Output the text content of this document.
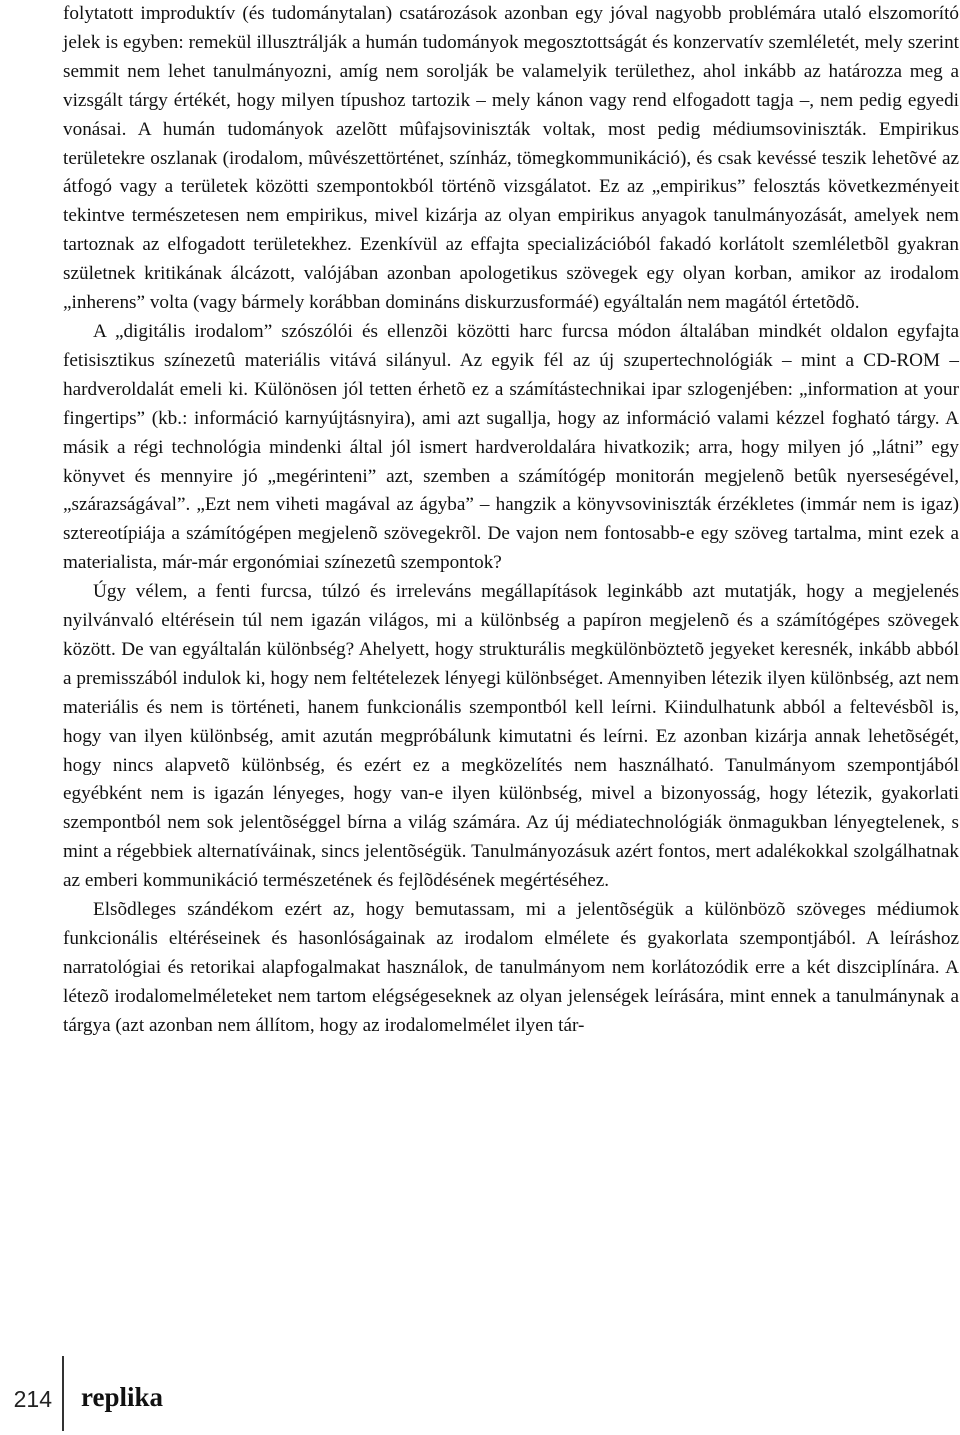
folytatott improduktív (és tudománytalan) csatározások azonban egy jóval nagyobb problémára utaló elszomorító jelek is egyben: remekül illusztrálják a humán tudományok megosztottságát és konzervatív szemléletét, mely szerint semmit nem lehet tanulmányozni, amíg nem sorolják be valamelyik területhez, ahol inkább az határozza meg a vizsgált tárgy értékét, hogy milyen típushoz tartozik – mely kánon vagy rend elfogadott tagja –, nem pedig egyedi vonásai. A humán tudományok azelõtt mûfajsoviniszták voltak, most pedig médiumsoviniszták. Empirikus területekre oszlanak (irodalom, mûvészettörténet, színház, tömegkommunikáció), és csak kevéssé teszik lehetõvé az átfogó vagy a területek közötti szempontokból történõ vizsgálatot. Ez az „empirikus” felosztás következményeit tekintve természetesen nem empirikus, mivel kizárja az olyan empirikus anyagok tanulmányozását, amelyek nem tartoznak az elfogadott területekhez. Ezenkívül az effajta specializációból fakadó korlátolt szemléletbõl gyakran születnek kritikának álcázott, valójában azonban apologetikus szövegek egy olyan korban, amikor az irodalom „inherens” volta (vagy bármely korábban domináns diskurzusformáé) egyáltalán nem magától értetõdõ.

A „digitális irodalom” szószólói és ellenzõi közötti harc furcsa módon általában mindkét oldalon egyfajta fetisisztikus színezetû materiális vitává silányul. Az egyik fél az új szupertechnológiák – mint a CD-ROM – hardveroldalát emeli ki. Különösen jól tetten érhetõ ez a számítástechnikai ipar szlogenjében: „information at your fingertips” (kb.: információ karnyújtásnyira), ami azt sugallja, hogy az információ valami kézzel fogható tárgy. A másik a régi technológia mindenki által jól ismert hardveroldalára hivatkozik; arra, hogy milyen jó „látni” egy könyvet és mennyire jó „megérinteni” azt, szemben a számítógép monitorán megjelenõ betûk nyerseségével, „szárazságával”. „Ezt nem viheti magával az ágyba” – hangzik a könyvsoviniszták érzékletes (immár nem is igaz) sztereotípiája a számítógépen megjelenõ szövegekrõl. De vajon nem fontosabb-e egy szöveg tartalma, mint ezek a materialista, már-már ergonómiai színezetû szempontok?

Úgy vélem, a fenti furcsa, túlzó és irreleváns megállapítások leginkább azt mutatják, hogy a megjelenés nyilvánvaló eltérésein túl nem igazán világos, mi a különbség a papíron megjelenõ és a számítógépes szövegek között. De van egyáltalán különbség? Ahelyett, hogy strukturális megkülönböztetõ jegyeket keresnék, inkább abból a premisszából indulok ki, hogy nem feltételezek lényegi különbséget. Amennyiben létezik ilyen különbség, azt nem materiális és nem is történeti, hanem funkcionális szempontból kell leírni. Kiindulhatunk abból a feltevésbõl is, hogy van ilyen különbség, amit azután megpróbálunk kimutatni és leírni. Ez azonban kizárja annak lehetõségét, hogy nincs alapvetõ különbség, és ezért ez a megközelítés nem használható. Tanulmányom szempontjából egyébként nem is igazán lényeges, hogy van-e ilyen különbség, mivel a bizonyosság, hogy létezik, gyakorlati szempontból nem sok jelentõséggel bírna a világ számára. Az új médiatechnológiák önmagukban lényegtelenek, s mint a régebbiek alternatíváinak, sincs jelentõségük. Tanulmányozásuk azért fontos, mert adalékokkal szolgálhatnak az emberi kommunikáció természetének és fejlõdésének megértéséhez.

Elsõdleges szándékom ezért az, hogy bemutassam, mi a jelentõségük a különbözõ szöveges médiumok funkcionális eltéréseinek és hasonlóságainak az irodalom elmélete és gyakorlata szempontjából. A leíráshoz narratológiai és retorikai alapfogalmakat használok, de tanulmányom nem korlátozódik erre a két diszciplínára. A létezõ irodalomelméleteket nem tartom elégségeseknek az olyan jelenségek leírására, mint ennek a tanulmánynak a tárgya (azt azonban nem állítom, hogy az irodalomelmélet ilyen tár-

214 replika
